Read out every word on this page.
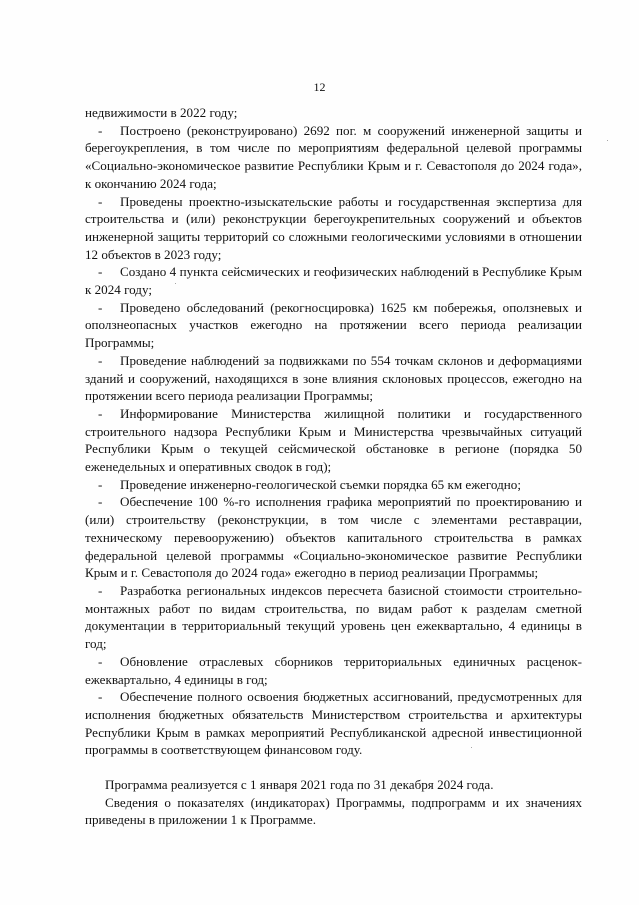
12

недвижимости в 2022 году;

- Построено (реконструировано) 2692 пог. м сооружений инженерной защиты и берегоукрепления, в том числе по мероприятиям федеральной целевой программы «Социально-экономическое развитие Республики Крым и г. Севастополя до 2024 года», к окончанию 2024 года;

- Проведены проектно-изыскательские работы и государственная экспертиза для строительства и (или) реконструкции берегоукрепительных сооружений и объектов инженерной защиты территорий со сложными геологическими условиями в отношении 12 объектов в 2023 году;

- Создано 4 пункта сейсмических и геофизических наблюдений в Республике Крым к 2024 году;

- Проведено обследований (рекогносцировка) 1625 км побережья, оползневых и оползнеопасных участков ежегодно на протяжении всего периода реализации Программы;

- Проведение наблюдений за подвижками по 554 точкам склонов и деформациями зданий и сооружений, находящихся в зоне влияния склоновых процессов, ежегодно на протяжении всего периода реализации Программы;

- Информирование Министерства жилищной политики и государственного строительного надзора Республики Крым и Министерства чрезвычайных ситуаций Республики Крым о текущей сейсмической обстановке в регионе (порядка 50 еженедельных и оперативных сводок в год);

- Проведение инженерно-геологической съемки порядка 65 км ежегодно;

- Обеспечение 100 %-го исполнения графика мероприятий по проектированию и (или) строительству (реконструкции, в том числе с элементами реставрации, техническому перевооружению) объектов капитального строительства в рамках федеральной целевой программы «Социально-экономическое развитие Республики Крым и г. Севастополя до 2024 года» ежегодно в период реализации Программы;

- Разработка региональных индексов пересчета базисной стоимости строительно-монтажных работ по видам строительства, по видам работ к разделам сметной документации в территориальный текущий уровень цен ежеквартально, 4 единицы в год;

- Обновление отраслевых сборников территориальных единичных расценок-ежеквартально, 4 единицы в год;

- Обеспечение полного освоения бюджетных ассигнований, предусмотренных для исполнения бюджетных обязательств Министерством строительства и архитектуры Республики Крым в рамках мероприятий Республиканской адресной инвестиционной программы в соответствующем финансовом году.

Программа реализуется с 1 января 2021 года по 31 декабря 2024 года.

Сведения о показателях (индикаторах) Программы, подпрограмм и их значениях приведены в приложении 1 к Программе.
